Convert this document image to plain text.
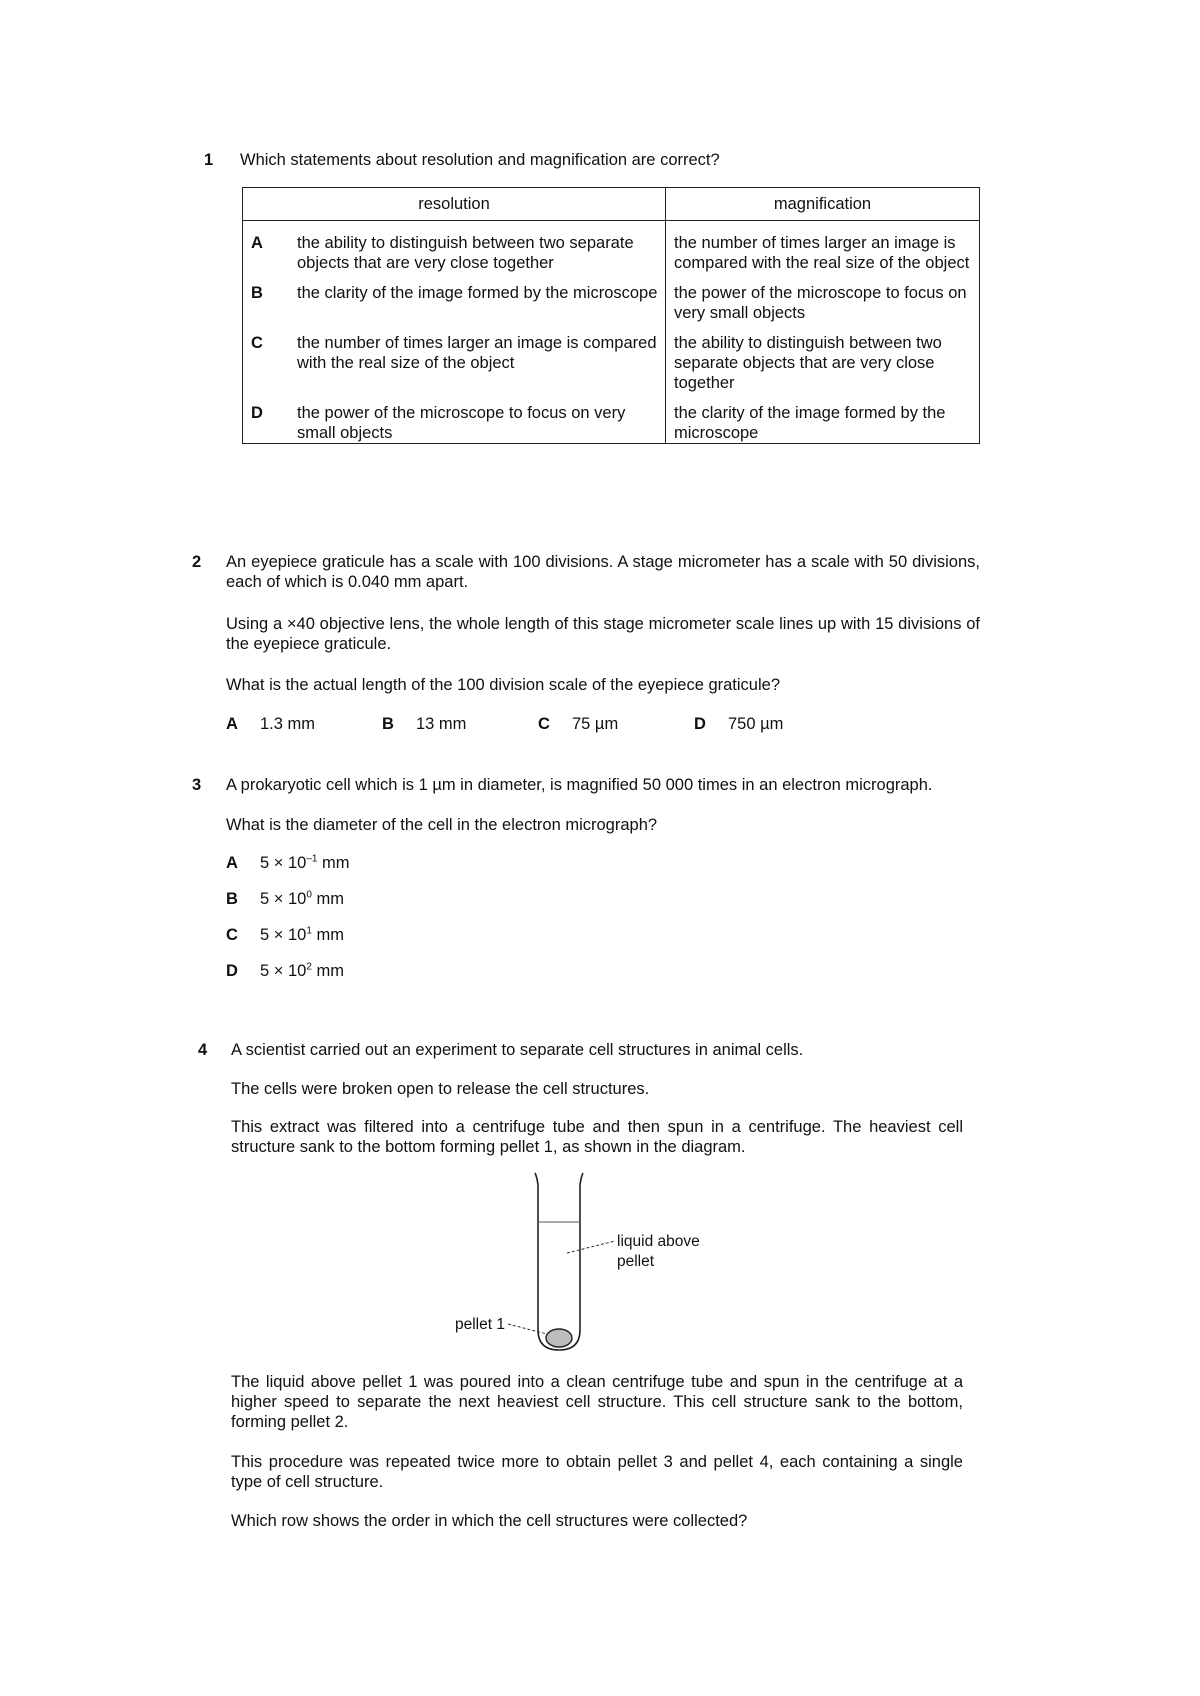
1 Which statements about resolution and magnification are correct?
resolution		magnification
A	the ability to distinguish between two separate objects that are very close together	the number of times larger an image is compared with the real size of the object
B	the clarity of the image formed by the microscope	the power of the microscope to focus on very small objects
C	the number of times larger an image is compared with the real size of the object	the ability to distinguish between two separate objects that are very close together
D	the power of the microscope to focus on very small objects	the clarity of the image formed by the microscope
2 An eyepiece graticule has a scale with 100 divisions. A stage micrometer has a scale with 50 divisions, each of which is 0.040 mm apart.
Using a ×40 objective lens, the whole length of this stage micrometer scale lines up with 15 divisions of the eyepiece graticule.
What is the actual length of the 100 division scale of the eyepiece graticule?
A	1.3 mm	B	13 mm	C	75 µm	D	750 µm
3 A prokaryotic cell which is 1 µm in diameter, is magnified 50 000 times in an electron micrograph.
What is the diameter of the cell in the electron micrograph?
A $5 \times 10^{-1}$ mm
B $5 \times 10^0$ mm
C $5 \times 10^1$ mm
D $5 \times 10^2$ mm
4 A scientist carried out an experiment to separate cell structures in animal cells.
The cells were broken open to release the cell structures.
This extract was filtered into a centrifuge tube and then spun in a centrifuge. The heaviest cell structure sank to the bottom forming pellet 1, as shown in the diagram.
liquid above
pellet
pellet 1
The liquid above pellet 1 was poured into a clean centrifuge tube and spun in the centrifuge at a higher speed to separate the next heaviest cell structure. This cell structure sank to the bottom, forming pellet 2.
This procedure was repeated twice more to obtain pellet 3 and pellet 4, each containing a single type of cell structure.
Which row shows the order in which the cell structures were collected?
